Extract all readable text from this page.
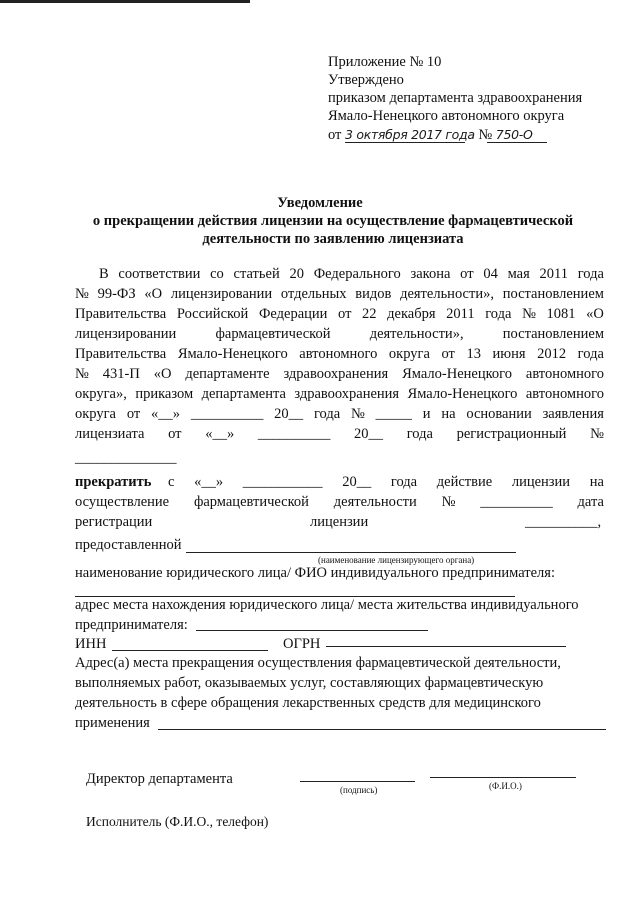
Приложение № 10
Утверждено
приказом департамента здравоохранения
Ямало-Ненецкого автономного округа
от 3 октября 2017 года № 750-О
Уведомление
о прекращении действия лицензии на осуществление фармацевтической
деятельности по заявлению лицензиата
В соответствии со статьей 20 Федерального закона от 04 мая 2011 года
№ 99-ФЗ «О лицензировании отдельных видов деятельности», постановлением
Правительства Российской Федерации от 22 декабря 2011 года № 1081 «О
лицензировании	фармацевтической	деятельности»,	постановлением
Правительства Ямало-Ненецкого автономного округа от 13 июня 2012 года
№ 431-П «О департаменте здравоохранения Ямало-Ненецкого автономного
округа», приказом департамента здравоохранения Ямало-Ненецкого автономного
округа от «__» __________ 20__ года № _____ и на основании заявления
лицензиата от «__» __________ 20__ года регистрационный №
______________
прекратить с «__» ___________ 20__ года действие лицензии на
осуществление фармацевтической деятельности № __________ дата
регистрации	лицензии	__________,
предоставленной
(наименование лицензирующего органа)
наименование юридического лица/ ФИО индивидуального предпринимателя:
адрес места нахождения юридического лица/ места жительства индивидуального
предпринимателя:
ИНН	ОГРН
Адрес(а) места прекращения осуществления фармацевтической деятельности,
выполняемых работ, оказываемых услуг, составляющих фармацевтическую
деятельность в сфере обращения лекарственных средств для медицинского
применения
Директор департамента
(подпись)	(Ф.И.О.)
Исполнитель (Ф.И.О., телефон)
